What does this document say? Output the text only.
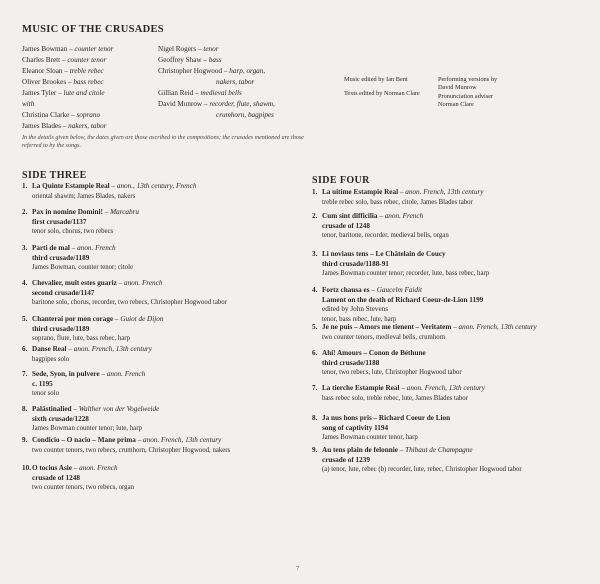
MUSIC OF THE CRUSADES
James Bowman – counter tenor
Charles Brett – counter tenor
Eleanor Sloan – treble rebec
Oliver Brookes – bass rebec
James Tyler – lute and citole
with
Christina Clarke – soprano
James Blades – nakers, tabor
Nigel Rogers – tenor
Geoffrey Shaw – bass
Christopher Hogwood – harp, organ,
nakers, tabor
Gillian Reid – medieval bells
David Munrow – recorder, flute, shawm,
crumhorn, bagpipes
Music edited by Ian Bent
Texts edited by Norman Clare
Performing versions by
David Munrow
Pronunciation adviser
Norman Clare
In the details given below, the dates given are those ascribed to the compositions; the crusades mentioned are those referred to by the songs.
SIDE THREE	SIDE FOUR
1. La Quinte Estampie Real – anon., 13th century, French
oriental shawm; James Blades, nakers
2. Pax in nomine Domini! – Marcabru
first crusade/1137
tenor solo, chorus, two rebecs
3. Parti de mal – anon. French
third crusade/1189
James Bowman, counter tenor; citole
4. Chevalier, mult estes guariz – anon. French
second crusade/1147
baritone solo, chorus, recorder, two rebecs, Christopher Hogwood tabor
5. Chanterai por mon corage – Guiot de Dijon
third crusade/1189
soprano, flute, lute, bass rebec, harp
6. Danse Real – anon. French, 13th century
bagpipes solo
7. Sede, Syon, in pulvere – anon. French
c. 1195
tenor solo
8. Palästinalied – Walther von der Vogelweide
sixth crusade/1228
James Bowman counter tenor; lute, harp
9. Condicio – O nacio – Mane prima – anon. French, 13th century
two counter tenors, two rebecs, crumhorn, Christopher Hogwood, nakers
10. O tocius Asie – anon. French
crusade of 1248
two counter tenors, two rebecs, organ
1. La uitime Estampie Real – anon. French, 13th century
treble rebec solo, bass rebec, citole, James Blades tabor
2. Cum sint difficilia – anon. French
crusade of 1248
tenor, baritone, recorder, medieval bells, organ
3. Li noviaus tens – Le Châtelain de Coucy
third crusade/1188-91
James Bowman counter tenor; recorder, lute, bass rebec, harp
4. Fortz chausa es – Gaucelm Faidit
Lament on the death of Richard Coeur-de-Lion 1199
edited by John Stevens
tenor, bass rebec, lute, harp
5. Je ne puis – Amors me tienent – Veritatem – anon. French, 13th century
two counter tenors, medieval bells, crumhorn
6. Ahi! Amours – Conon de Béthune
third crusade/1188
tenor, two rebecs, lute, Christopher Hogwood tabor
7. La tierche Estampie Real – anon. French, 13th century
bass rebec solo, treble rebec, lute, James Blades tabor
8. Ja nus hons pris – Richard Coeur de Lion
song of captivity 1194
James Bowman counter tenor, harp
9. Au tens plain de felonnie – Thibaut de Champagne
crusade of 1239
(a) tenor, lute, rebec (b) recorder, lute, rebec, Christopher Hogwood tabor
7
